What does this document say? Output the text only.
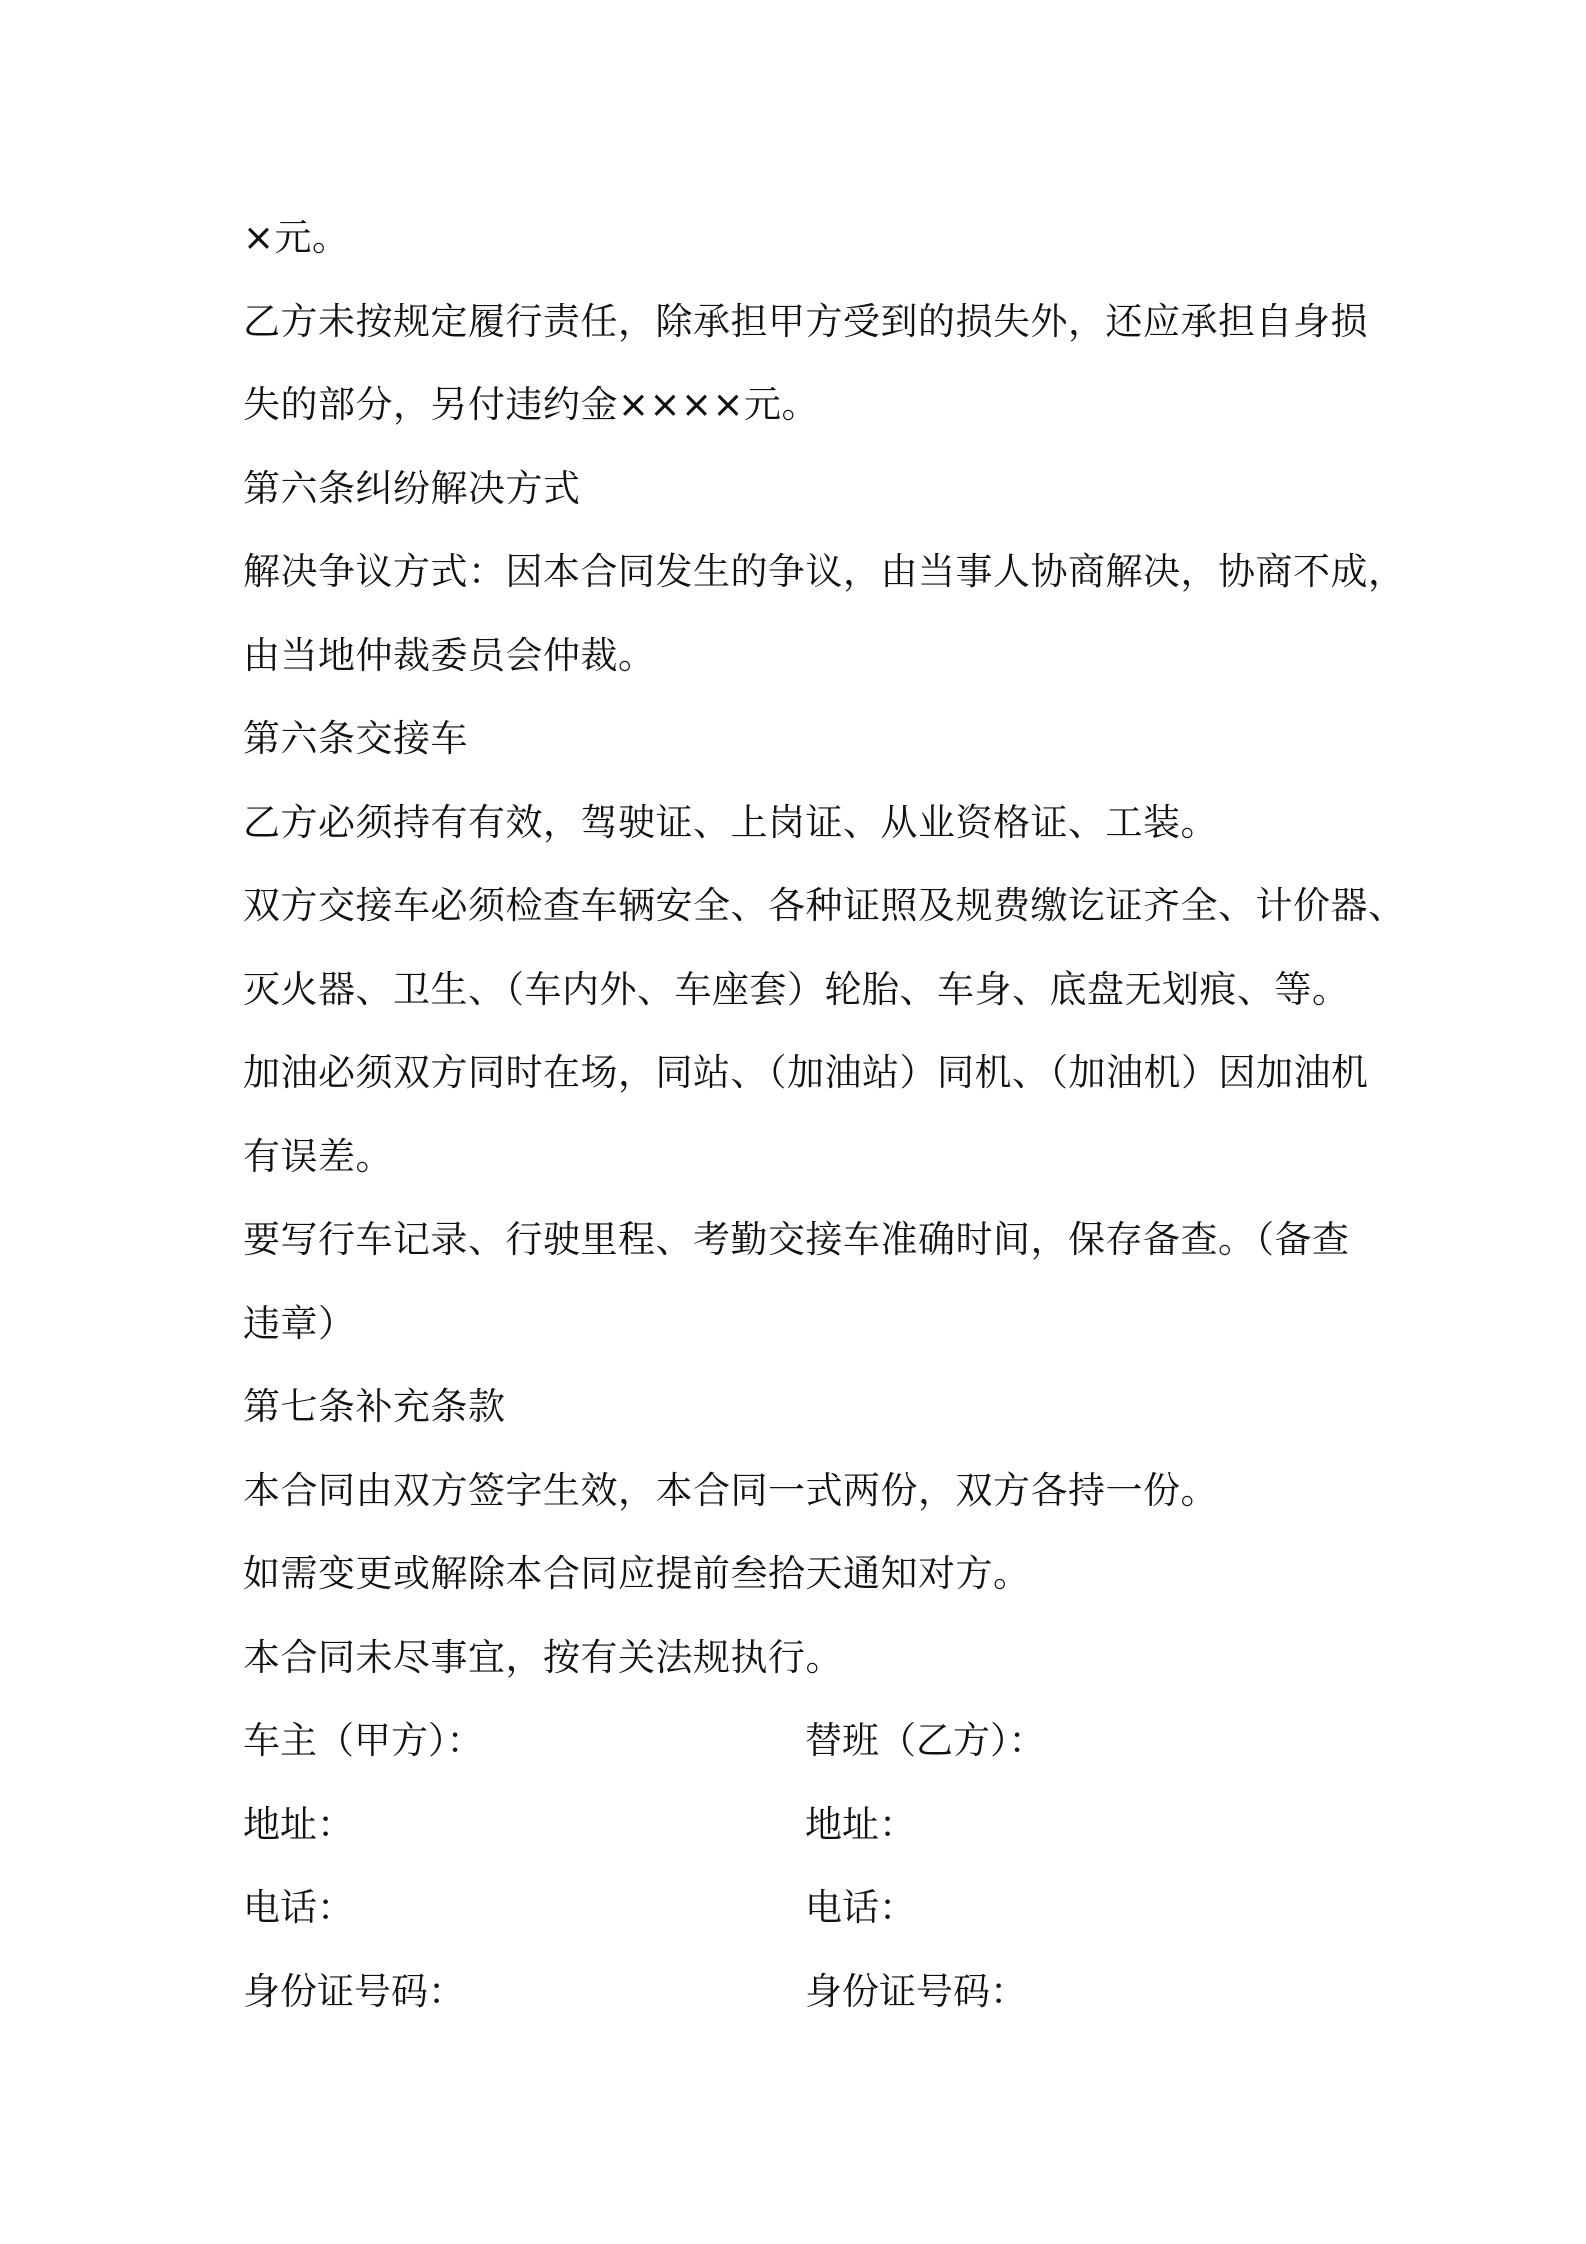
×元。
乙方未按规定履行责任，除承担甲方受到的损失外，还应承担自身损
失的部分，另付违约金××××元。
第六条纠纷解决方式
解决争议方式：因本合同发生的争议，由当事人协商解决，协商不成，
由当地仲裁委员会仲裁。
第六条交接车
乙方必须持有有效，驾驶证、上岗证、从业资格证、工装。
双方交接车必须检查车辆安全、各种证照及规费缴讫证齐全、计价器、
灭火器、卫生、（车内外、车座套）轮胎、车身、底盘无划痕、等。
加油必须双方同时在场，同站、（加油站）同机、（加油机）因加油机
有误差。
要写行车记录、行驶里程、考勤交接车准确时间，保存备查。（备查
违章）
第七条补充条款
本合同由双方签字生效，本合同一式两份，双方各持一份。
如需变更或解除本合同应提前叁拾天通知对方。
本合同未尽事宜，按有关法规执行。
车主（甲方）：	替班（乙方）：
地址：	地址：
电话：	电话：
身份证号码：	身份证号码：
